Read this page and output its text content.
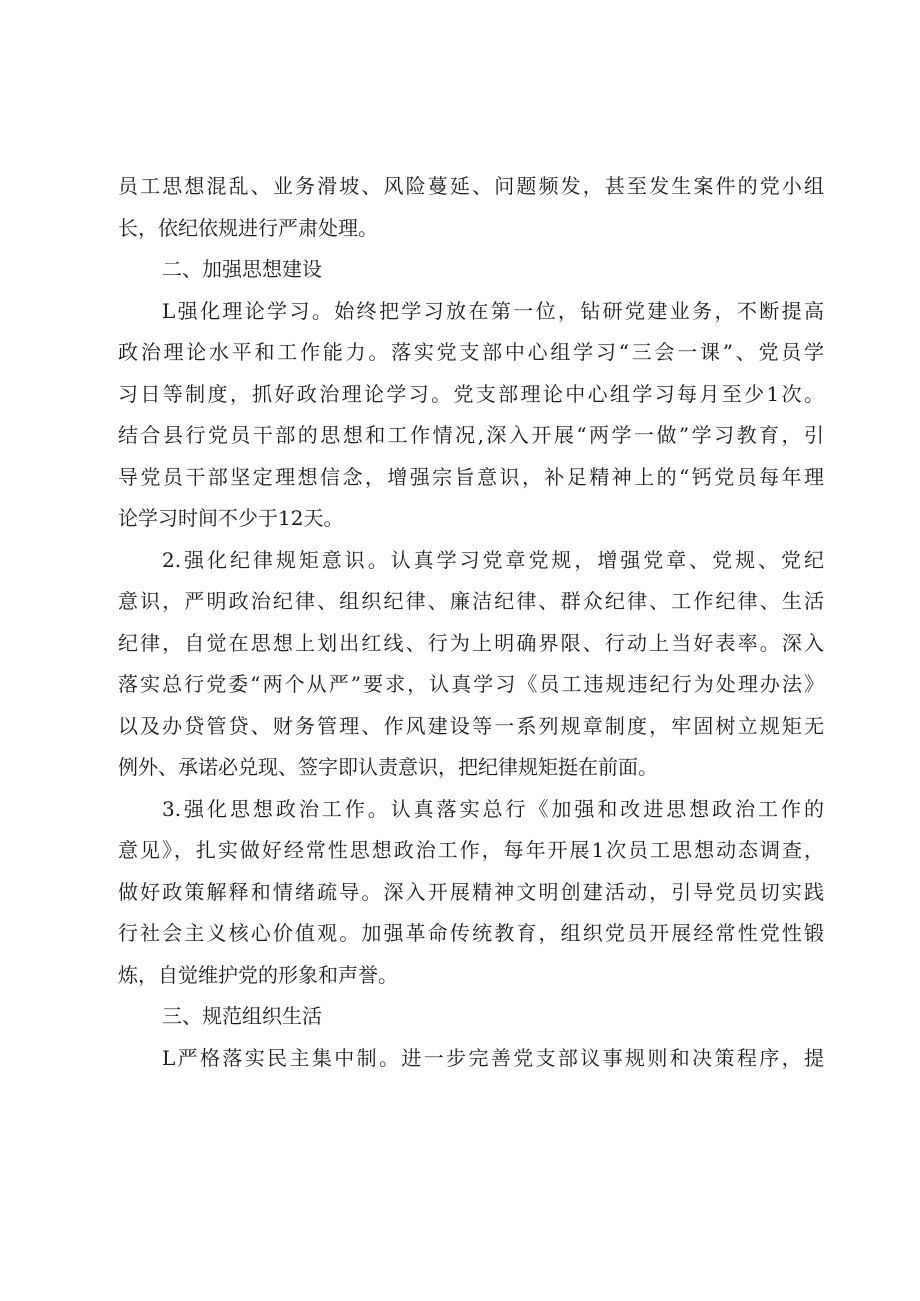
员工思想混乱、业务滑坡、风险蔓延、问题频发，甚至发生案件的党小组
长，依纪依规进行严肃处理。
二、加强思想建设
L强化理论学习。始终把学习放在第一位，钻研党建业务，不断提高
政治理论水平和工作能力。落实党支部中心组学习“三会一课”、党员学
习日等制度，抓好政治理论学习。党支部理论中心组学习每月至少1次。
结合县行党员干部的思想和工作情况,深入开展“两学一做”学习教育，引
导党员干部坚定理想信念，增强宗旨意识，补足精神上的“钙党员每年理
论学习时间不少于12天。
2.强化纪律规矩意识。认真学习党章党规，增强党章、党规、党纪
意识，严明政治纪律、组织纪律、廉洁纪律、群众纪律、工作纪律、生活
纪律，自觉在思想上划出红线、行为上明确界限、行动上当好表率。深入
落实总行党委“两个从严”要求，认真学习《员工违规违纪行为处理办法》
以及办贷管贷、财务管理、作风建设等一系列规章制度，牢固树立规矩无
例外、承诺必兑现、签字即认责意识，把纪律规矩挺在前面。
3.强化思想政治工作。认真落实总行《加强和改进思想政治工作的
意见》，扎实做好经常性思想政治工作，每年开展1次员工思想动态调查，
做好政策解释和情绪疏导。深入开展精神文明创建活动，引导党员切实践
行社会主义核心价值观。加强革命传统教育，组织党员开展经常性党性锻
炼，自觉维护党的形象和声誉。
三、规范组织生活
L严格落实民主集中制。进一步完善党支部议事规则和决策程序，提
